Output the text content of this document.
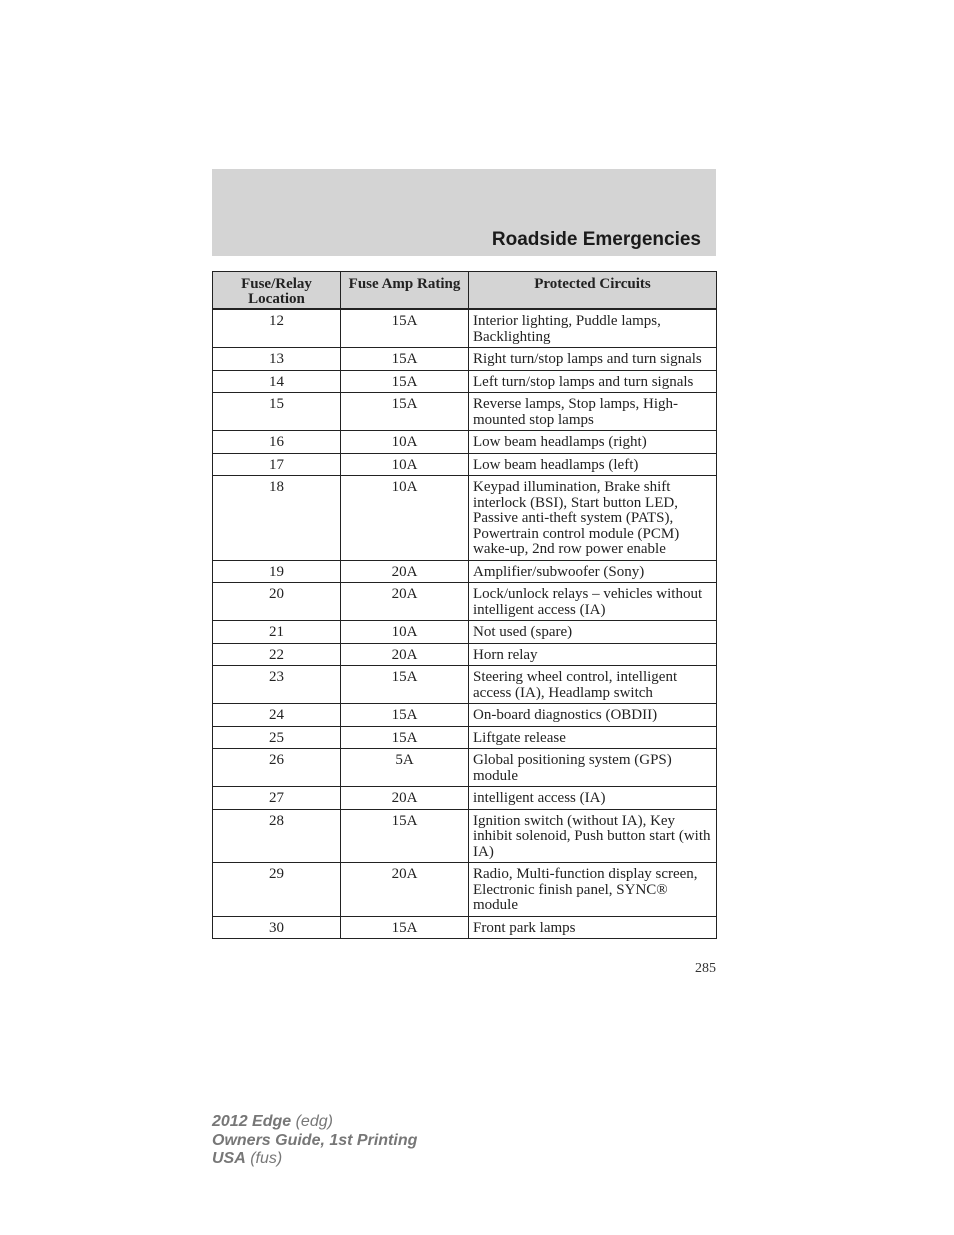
Roadside Emergencies
Fuse/Relay Location	Fuse Amp Rating	Protected Circuits
12	15A	Interior lighting, Puddle lamps, Backlighting
13	15A	Right turn/stop lamps and turn signals
14	15A	Left turn/stop lamps and turn signals
15	15A	Reverse lamps, Stop lamps, High-mounted stop lamps
16	10A	Low beam headlamps (right)
17	10A	Low beam headlamps (left)
18	10A	Keypad illumination, Brake shift interlock (BSI), Start button LED, Passive anti-theft system (PATS), Powertrain control module (PCM) wake-up, 2nd row power enable
19	20A	Amplifier/subwoofer (Sony)
20	20A	Lock/unlock relays – vehicles without intelligent access (IA)
21	10A	Not used (spare)
22	20A	Horn relay
23	15A	Steering wheel control, intelligent access (IA), Headlamp switch
24	15A	On-board diagnostics (OBDII)
25	15A	Liftgate release
26	5A	Global positioning system (GPS) module
27	20A	intelligent access (IA)
28	15A	Ignition switch (without IA), Key inhibit solenoid, Push button start (with IA)
29	20A	Radio, Multi-function display screen, Electronic finish panel, SYNC® module
30	15A	Front park lamps
285
2012 Edge (edg)
Owners Guide, 1st Printing
USA (fus)
